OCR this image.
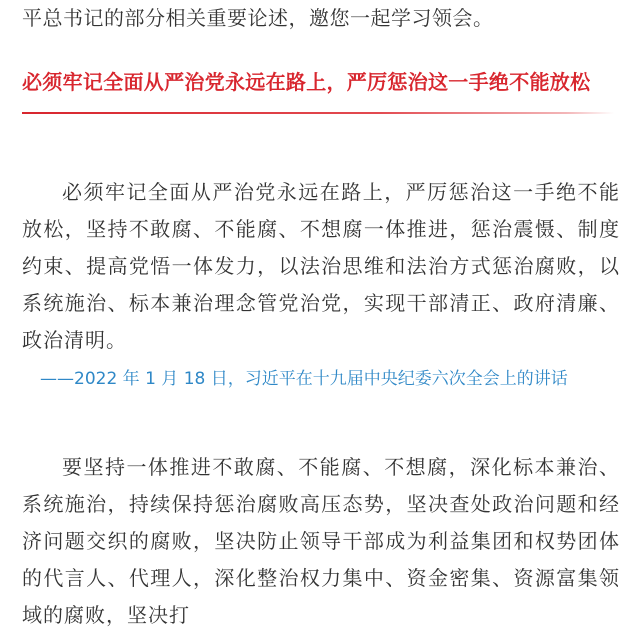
平总书记的部分相关重要论述，邀您一起学习领会。
必须牢记全面从严治党永远在路上，严厉惩治这一手绝不能放松

必须牢记全面从严治党永远在路上，严厉惩治这一手绝不能放松，坚持不敢腐、不能腐、不想腐一体推进，惩治震慑、制度约束、提高党悟一体发力，以法治思维和法治方式惩治腐败，以系统施治、标本兼治理念管党治党，实现干部清正、政府清廉、政治清明。

——2022 年 1 月 18 日，习近平在十九届中央纪委六次全会上的讲话

要坚持一体推进不敢腐、不能腐、不想腐，深化标本兼治、系统施治，持续保持惩治腐败高压态势，坚决查处政治问题和经济问题交织的腐败，坚决防止领导干部成为利益集团和权势团体的代言人、代理人，深化整治权力集中、资金密集、资源富集领域的腐败，坚决打
